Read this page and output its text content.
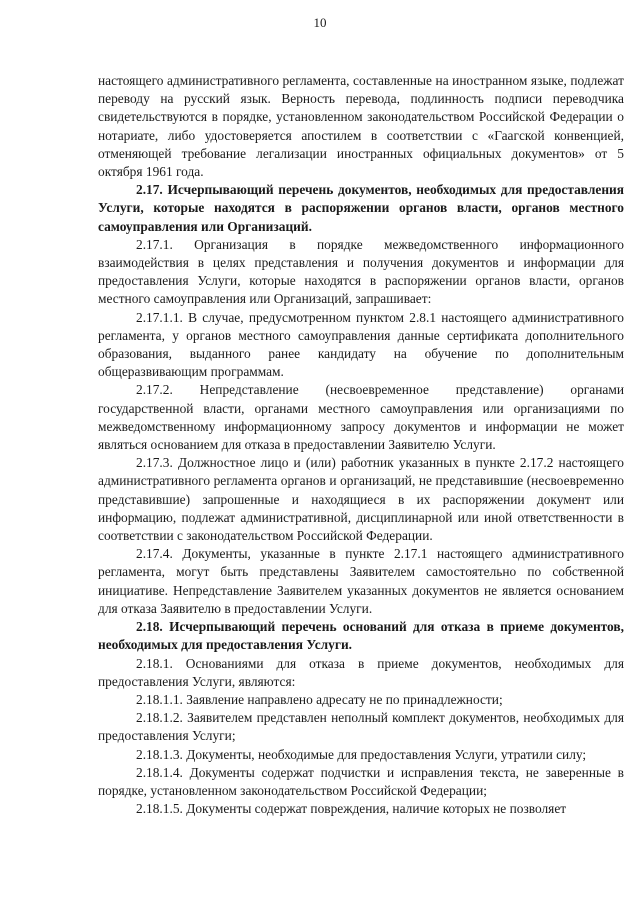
10

настоящего административного регламента, составленные на иностранном языке, подлежат переводу на русский язык. Верность перевода, подлинность подписи переводчика свидетельствуются в порядке, установленном законодательством Российской Федерации о нотариате, либо удостоверяется апостилем в соответствии с «Гаагской конвенцией, отменяющей требование легализации иностранных официальных документов» от 5 октября 1961 года.

2.17. Исчерпывающий перечень документов, необходимых для предоставления Услуги, которые находятся в распоряжении органов власти, органов местного самоуправления или Организаций.

2.17.1. Организация в порядке межведомственного информационного взаимодействия в целях представления и получения документов и информации для предоставления Услуги, которые находятся в распоряжении органов власти, органов местного самоуправления или Организаций, запрашивает:

2.17.1.1. В случае, предусмотренном пунктом 2.8.1 настоящего административного регламента, у органов местного самоуправления данные сертификата дополнительного образования, выданного ранее кандидату на обучение по дополнительным общеразвивающим программам.

2.17.2. Непредставление (несвоевременное представление) органами государственной власти, органами местного самоуправления или организациями по межведомственному информационному запросу документов и информации не может являться основанием для отказа в предоставлении Заявителю Услуги.

2.17.3. Должностное лицо и (или) работник указанных в пункте 2.17.2 настоящего административного регламента органов и организаций, не представившие (несвоевременно представившие) запрошенные и находящиеся в их распоряжении документ или информацию, подлежат административной, дисциплинарной или иной ответственности в соответствии с законодательством Российской Федерации.

2.17.4. Документы, указанные в пункте 2.17.1 настоящего административного регламента, могут быть представлены Заявителем самостоятельно по собственной инициативе. Непредставление Заявителем указанных документов не является основанием для отказа Заявителю в предоставлении Услуги.

2.18. Исчерпывающий перечень оснований для отказа в приеме документов, необходимых для предоставления Услуги.

2.18.1. Основаниями для отказа в приеме документов, необходимых для предоставления Услуги, являются:

2.18.1.1. Заявление направлено адресату не по принадлежности;

2.18.1.2. Заявителем представлен неполный комплект документов, необходимых для предоставления Услуги;

2.18.1.3. Документы, необходимые для предоставления Услуги, утратили силу;

2.18.1.4. Документы содержат подчистки и исправления текста, не заверенные в порядке, установленном законодательством Российской Федерации;

2.18.1.5. Документы содержат повреждения, наличие которых не позволяет
